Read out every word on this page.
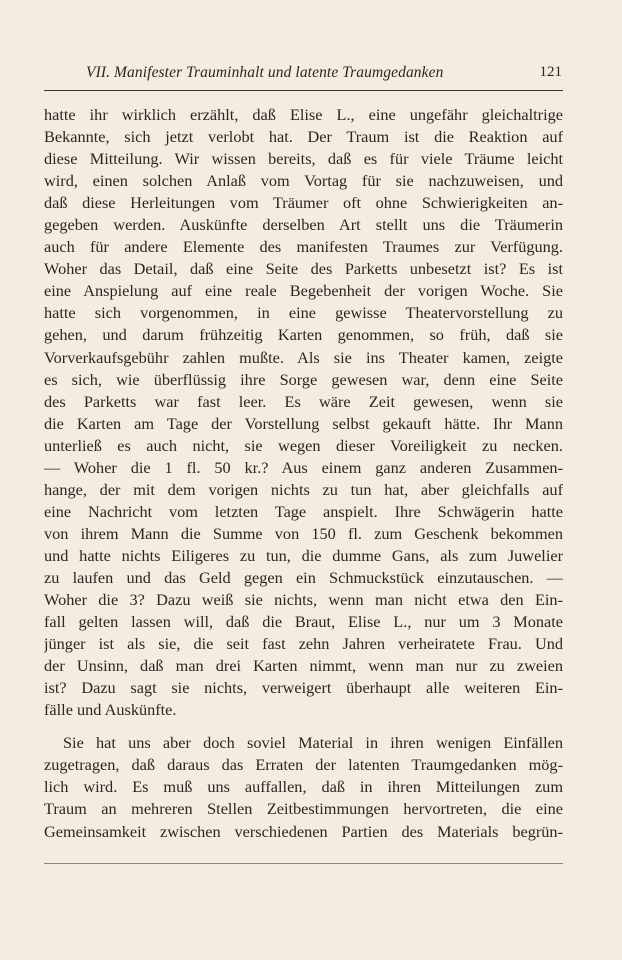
VII. Manifester Trauminhalt und latente Traumgedanken	121
hatte ihr wirklich erzählt, daß Elise L., eine ungefähr gleichaltrige
Bekannte, sich jetzt verlobt hat. Der Traum ist die Reaktion auf
diese Mitteilung. Wir wissen bereits, daß es für viele Träume leicht
wird, einen solchen Anlaß vom Vortag für sie nachzuweisen, und
daß diese Herleitungen vom Träumer oft ohne Schwierigkeiten an-
gegeben werden. Auskünfte derselben Art stellt uns die Träumerin
auch für andere Elemente des manifesten Traumes zur Verfügung.
Woher das Detail, daß eine Seite des Parketts unbesetzt ist? Es ist
eine Anspielung auf eine reale Begebenheit der vorigen Woche. Sie
hatte sich vorgenommen, in eine gewisse Theatervorstellung zu
gehen, und darum frühzeitig Karten genommen, so früh, daß sie
Vorverkaufsgebühr zahlen mußte. Als sie ins Theater kamen, zeigte
es sich, wie überflüssig ihre Sorge gewesen war, denn eine Seite
des Parketts war fast leer. Es wäre Zeit gewesen, wenn sie
die Karten am Tage der Vorstellung selbst gekauft hätte. Ihr Mann
unterließ es auch nicht, sie wegen dieser Voreiligkeit zu necken.
— Woher die 1 fl. 50 kr.? Aus einem ganz anderen Zusammen-
hange, der mit dem vorigen nichts zu tun hat, aber gleichfalls auf
eine Nachricht vom letzten Tage anspielt. Ihre Schwägerin hatte
von ihrem Mann die Summe von 150 fl. zum Geschenk bekommen
und hatte nichts Eiligeres zu tun, die dumme Gans, als zum Juwelier
zu laufen und das Geld gegen ein Schmuckstück einzutauschen. —
Woher die 3? Dazu weiß sie nichts, wenn man nicht etwa den Ein-
fall gelten lassen will, daß die Braut, Elise L., nur um 3 Monate
jünger ist als sie, die seit fast zehn Jahren verheiratete Frau. Und
der Unsinn, daß man drei Karten nimmt, wenn man nur zu zweien
ist? Dazu sagt sie nichts, verweigert überhaupt alle weiteren Ein-
fälle und Auskünfte.
Sie hat uns aber doch soviel Material in ihren wenigen Einfällen
zugetragen, daß daraus das Erraten der latenten Traumgedanken mög-
lich wird. Es muß uns auffallen, daß in ihren Mitteilungen zum
Traum an mehreren Stellen Zeitbestimmungen hervortreten, die eine
Gemeinsamkeit zwischen verschiedenen Partien des Materials begrün-
